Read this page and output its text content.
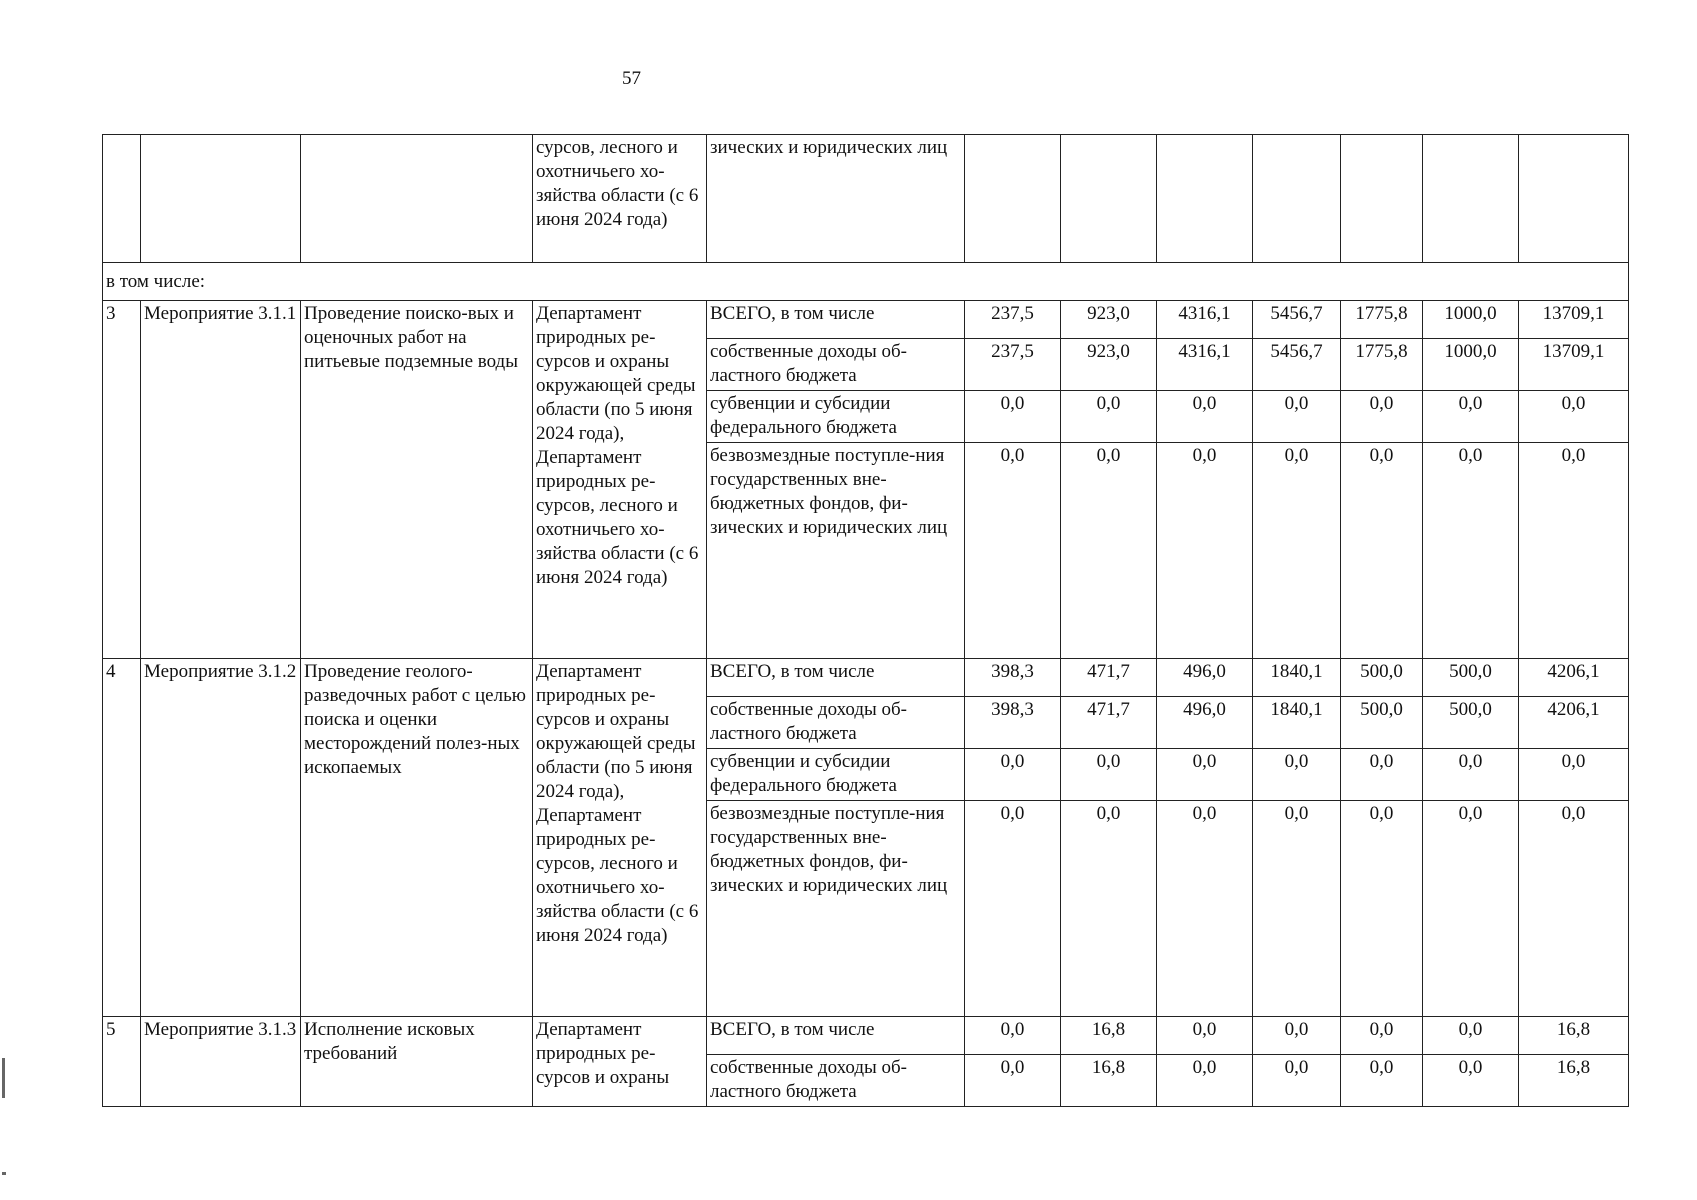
57
			сурсов, лесного и охотничьего хо-зяйства области (с 6 июня 2024 года)	зических и юридических лиц							
в том числе:											
3	Мероприятие 3.1.1	Проведение поиско-вых и оценочных работ на питьевые подземные воды	Департамент природных ре-сурсов и охраны окружающей среды области (по 5 июня 2024 года), Департамент природных ре-сурсов, лесного и охотничьего хо-зяйства области (с 6 июня 2024 года)	ВСЕГО, в том числе	237,5	923,0	4316,1	5456,7	1775,8	1000,0	13709,1
				собственные доходы об-ластного бюджета	237,5	923,0	4316,1	5456,7	1775,8	1000,0	13709,1
				субвенции и субсидии федерального бюджета	0,0	0,0	0,0	0,0	0,0	0,0	0,0
				безвозмездные поступле-ния государственных вне-бюджетных фондов, фи-зических и юридических лиц	0,0	0,0	0,0	0,0	0,0	0,0	0,0
4	Мероприятие 3.1.2	Проведение геолого-разведочных работ с целью поиска и оценки месторождений полез-ных ископаемых	Департамент природных ре-сурсов и охраны окружающей среды области (по 5 июня 2024 года), Департамент природных ре-сурсов, лесного и охотничьего хо-зяйства области (с 6 июня 2024 года)	ВСЕГО, в том числе	398,3	471,7	496,0	1840,1	500,0	500,0	4206,1
				собственные доходы об-ластного бюджета	398,3	471,7	496,0	1840,1	500,0	500,0	4206,1
				субвенции и субсидии федерального бюджета	0,0	0,0	0,0	0,0	0,0	0,0	0,0
				безвозмездные поступле-ния государственных вне-бюджетных фондов, фи-зических и юридических лиц	0,0	0,0	0,0	0,0	0,0	0,0	0,0
5	Мероприятие 3.1.3	Исполнение исковых требований	Департамент природных ре-сурсов и охраны	ВСЕГО, в том числе	0,0	16,8	0,0	0,0	0,0	0,0	16,8
				собственные доходы об-ластного бюджета	0,0	16,8	0,0	0,0	0,0	0,0	16,8
